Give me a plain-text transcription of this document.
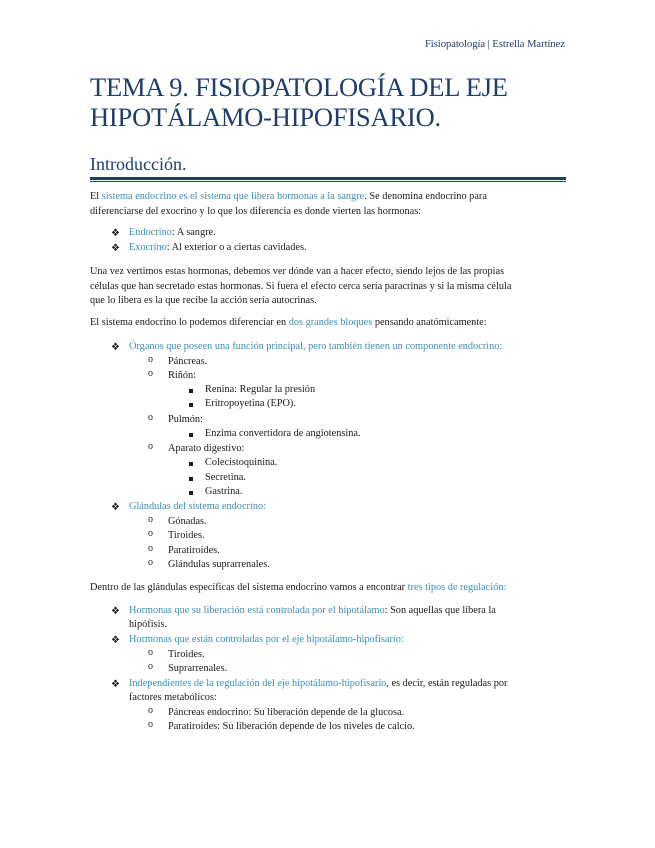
Fisiopatología | Estrella Martínez
TEMA 9. FISIOPATOLOGÍA DEL EJE
HIPOTÁLAMO-HIPOFISARIO.
Introducción.

El sistema endocrino es el sistema que libera hormonas a la sangre. Se denomina endocrino para

diferenciarse del exocrino y lo que los diferencia es donde vierten las hormonas:

❖ Endocrino: A sangre.
❖ Exocrino: Al exterior o a ciertas cavidades.

Una vez vertimos estas hormonas, debemos ver dónde van a hacer efecto, siendo lejos de las propias

células que han secretado estas hormonas. Si fuera el efecto cerca sería paracrinas y si la misma célula

que lo libera es la que recibe la acción sería autocrinas.

El sistema endocrino lo podemos diferenciar en dos grandes bloques pensando anatómicamente:

❖ Órganos que poseen una función principal, pero también tienen un componente endocrino:
o Páncreas.
o Riñón:
Renina: Regular la presión
Eritropoyetina (EPO).
o Pulmón:
Enzima convertidora de angiotensina.
o Aparato digestivo:
Colecistoquinina.
Secretina.
Gastrina.
❖ Glándulas del sistema endocrino:
o Gónadas.
o Tiroides.
o Paratiroides.
o Glándulas suprarrenales.

Dentro de las glándulas específicas del sistema endocrino vamos a encontrar tres tipos de regulación:

❖ Hormonas que su liberación está controlada por el hipotálamo: Son aquellas que libera la
hipófisis.
❖ Hormonas que están controladas por el eje hipotálamo-hipofisario:
o Tiroides.
o Suprarrenales.
❖ Independientes de la regulación del eje hipotálamo-hipofisario, es decir, están reguladas por
factores metabólicos:
o Páncreas endocrino: Su liberación depende de la glucosa.
o Paratiroides: Su liberación depende de los niveles de calcio.
